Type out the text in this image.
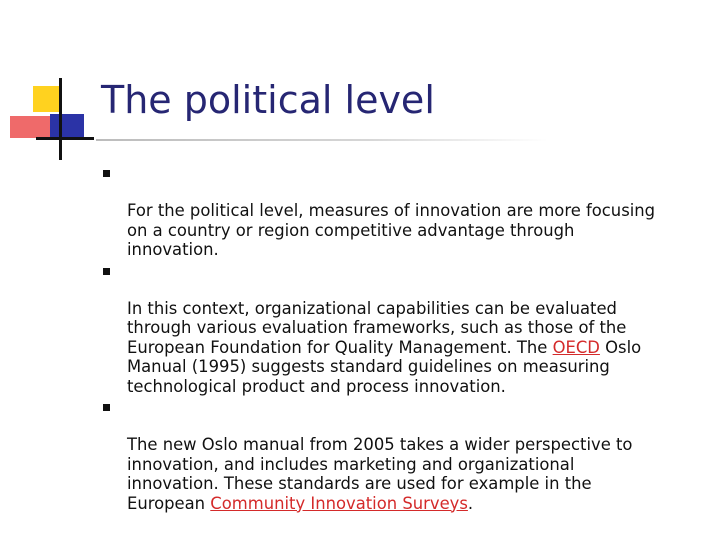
The political level

For the political level, measures of innovation are more focusing
on a country or region competitive advantage through
innovation.

In this context, organizational capabilities can be evaluated
through various evaluation frameworks, such as those of the
European Foundation for Quality Management. The OECD Oslo
Manual (1995) suggests standard guidelines on measuring
technological product and process innovation.

The new Oslo manual from 2005 takes a wider perspective to
innovation, and includes marketing and organizational
innovation. These standards are used for example in the
European Community Innovation Surveys.
